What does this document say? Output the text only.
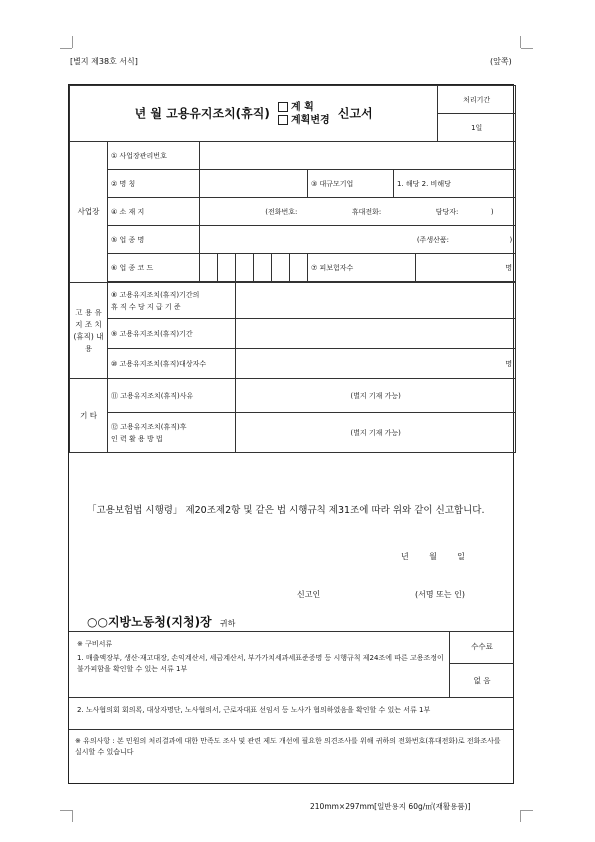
[별지 제38호 서식]	(앞쪽)
년 월 고용유지조치(휴직) 계 획
계획변경 신고서											처리기간
											1일
사업장	① 사업장관리번호										
	② 명 칭							③ 대규모기업	1. 해당 2. 비해당		
	④ 소 재 지	(전화번호: 휴대전화: 담당자: )									
	⑤ 업 종 명	(주생산품: )									
	⑥ 업 종 코 드							⑦ 피보험자수		명	

고 용 유 지 조 치 (휴직) 내 용	⑧ 고용유지조치(휴직)기간의
휴 직 수 당 지 급 기 준										
	⑨ 고용유지조치(휴직)기간										
	⑩ 고용유지조치(휴직)대상자수			명							
기 타	⑪ 고용유지조치(휴직)사유			(별지 기재 가능)							
	⑫ 고용유지조치(휴직)후
인 력 활 용 방 법			(별지 기재 가능)							
「고용보험법 시행령」 제20조제2항 및 같은 법 시행규칙 제31조에 따라 위와 같이 신고합니다.
년        월        일
신고인	(서명 또는 인)
○○지방노동청(지청)장 귀하
수수료
없 음
※ 구비서류
1. 매출액장부, 생산·재고대장, 손익계산서, 세금계산서, 부가가치세과세표준증명 등 시행규칙 제24조에 따른 고용조정이 불가피함을 확인할 수 있는 서류 1부
2. 노사협의회 회의록, 대상자명단, 노사협의서, 근로자대표 선임서 등 노사가 협의하였음을 확인할 수 있는 서류 1부
※ 유의사항 : 본 민원의 처리결과에 대한 만족도 조사 및 관련 제도 개선에 필요한 의견조사를 위해 귀하의 전화번호(휴대전화)로 전화조사를 실시할 수 있습니다
210mm×297mm[일반용지 60g/㎡(재활용품)]
